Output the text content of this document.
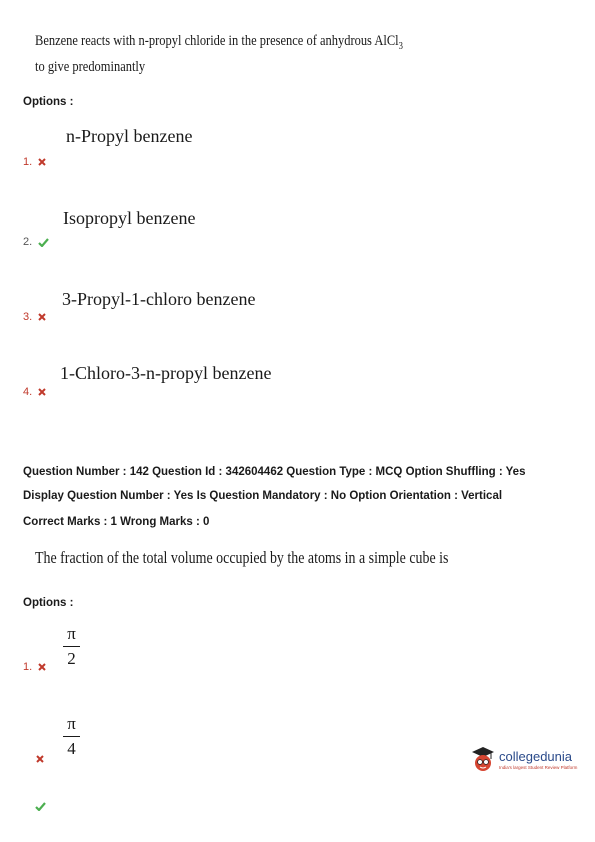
Benzene reacts with n-propyl chloride in the presence of anhydrous AlCl$_3$ to give predominantly
Options :
n-Propyl benzene
1.
Isopropyl benzene
2.
3-Propyl-1-chloro benzene
3.
1-Chloro-3-n-propyl benzene
4.
Question Number : 142 Question Id : 342604462 Question Type : MCQ Option Shuffling : Yes
Display Question Number : Yes Is Question Mandatory : No Option Orientation : Vertical
Correct Marks : 1 Wrong Marks : 0
The fraction of the total volume occupied by the atoms in a simple cube is
Options :
π
2
1.
π
4	collegedunia
India's largest Student Review Platform
